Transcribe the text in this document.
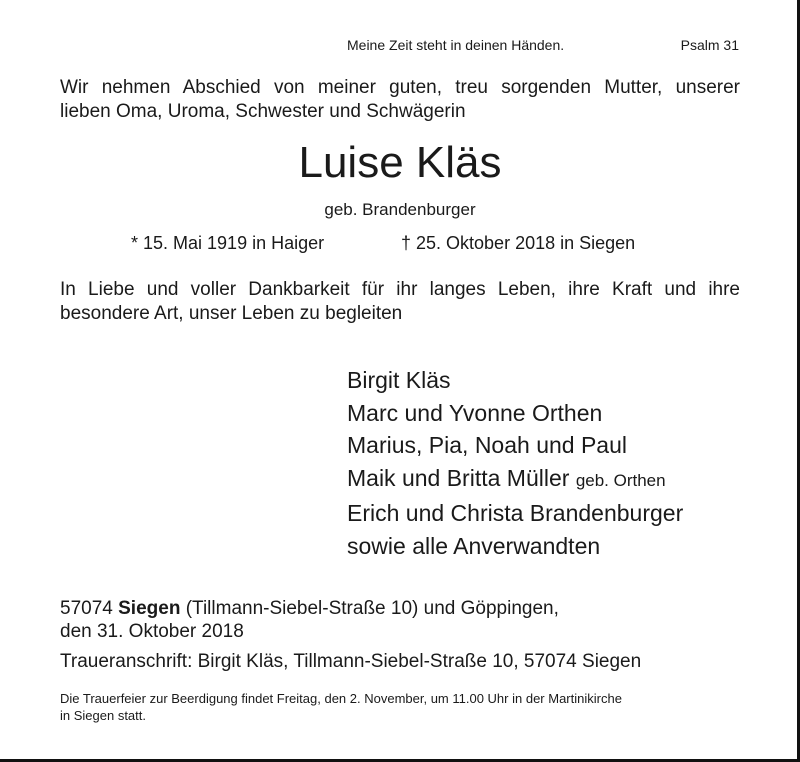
Meine Zeit steht in deinen Händen.	Psalm 31
Wir nehmen Abschied von meiner guten, treu sorgenden Mutter, unserer
lieben Oma, Uroma, Schwester und Schwägerin
Luise Kläs
geb. Brandenburger
* 15. Mai 1919 in Haiger	† 25. Oktober 2018 in Siegen
In Liebe und voller Dankbarkeit für ihr langes Leben, ihre Kraft und ihre
besondere Art, unser Leben zu begleiten
Birgit Kläs
Marc und Yvonne Orthen
Marius, Pia, Noah und Paul
Maik und Britta Müller geb. Orthen
Erich und Christa Brandenburger
sowie alle Anverwandten
57074 Siegen (Tillmann-Siebel-Straße 10) und Göppingen,
den 31. Oktober 2018
Traueranschrift: Birgit Kläs, Tillmann-Siebel-Straße 10, 57074 Siegen
Die Trauerfeier zur Beerdigung findet Freitag, den 2. November, um 11.00 Uhr in der Martinikirche
in Siegen statt.
